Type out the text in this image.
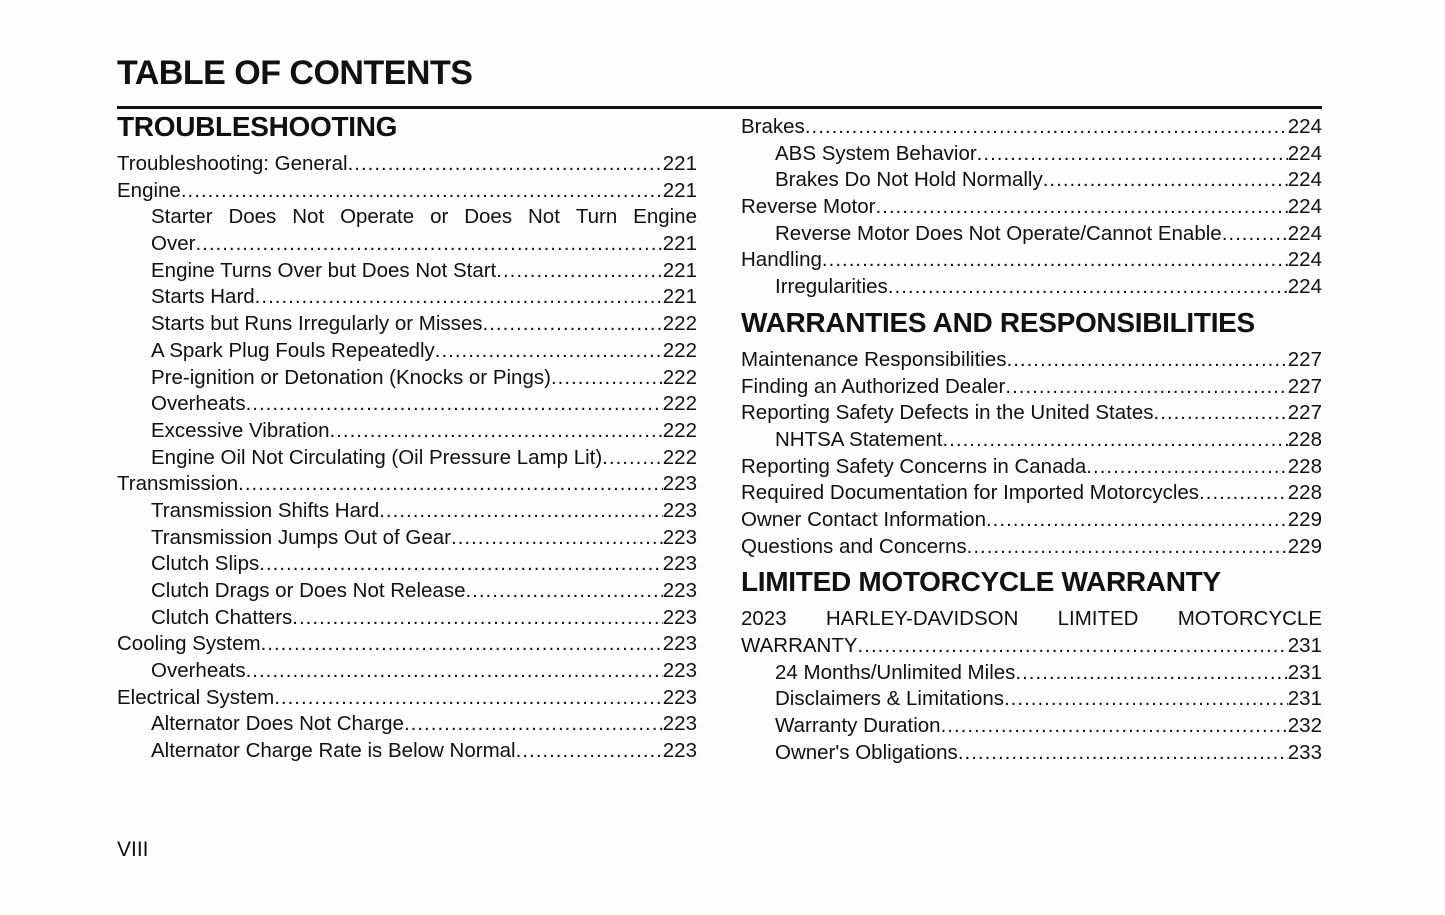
TABLE OF CONTENTS
TROUBLESHOOTING
Troubleshooting: General .....	221
Engine .....	221
Starter Does Not Operate or Does Not Turn Engine
Over .....	221
Engine Turns Over but Does Not Start .....	221
Starts Hard .....	221
Starts but Runs Irregularly or Misses .....	222
A Spark Plug Fouls Repeatedly .....	222
Pre-ignition or Detonation (Knocks or Pings) .....	222
Overheats .....	222
Excessive Vibration .....	222
Engine Oil Not Circulating (Oil Pressure Lamp Lit) .....	222
Transmission .....	223
Transmission Shifts Hard .....	223
Transmission Jumps Out of Gear .....	223
Clutch Slips .....	223
Clutch Drags or Does Not Release .....	223
Clutch Chatters .....	223
Cooling System .....	223
Overheats .....	223
Electrical System .....	223
Alternator Does Not Charge .....	223
Alternator Charge Rate is Below Normal .....	223
Brakes .....	224
ABS System Behavior .....	224
Brakes Do Not Hold Normally .....	224
Reverse Motor .....	224
Reverse Motor Does Not Operate/Cannot Enable .....	224
Handling .....	224
Irregularities .....	224
WARRANTIES AND RESPONSIBILITIES
Maintenance Responsibilities .....	227
Finding an Authorized Dealer .....	227
Reporting Safety Defects in the United States .....	227
NHTSA Statement .....	228
Reporting Safety Concerns in Canada .....	228
Required Documentation for Imported Motorcycles .....	228
Owner Contact Information .....	229
Questions and Concerns .....	229
LIMITED MOTORCYCLE WARRANTY
2023 HARLEY-DAVIDSON LIMITED MOTORCYCLE
WARRANTY .....	231
24 Months/Unlimited Miles .....	231
Disclaimers & Limitations .....	231
Warranty Duration .....	232
Owner's Obligations .....	233
VIII
